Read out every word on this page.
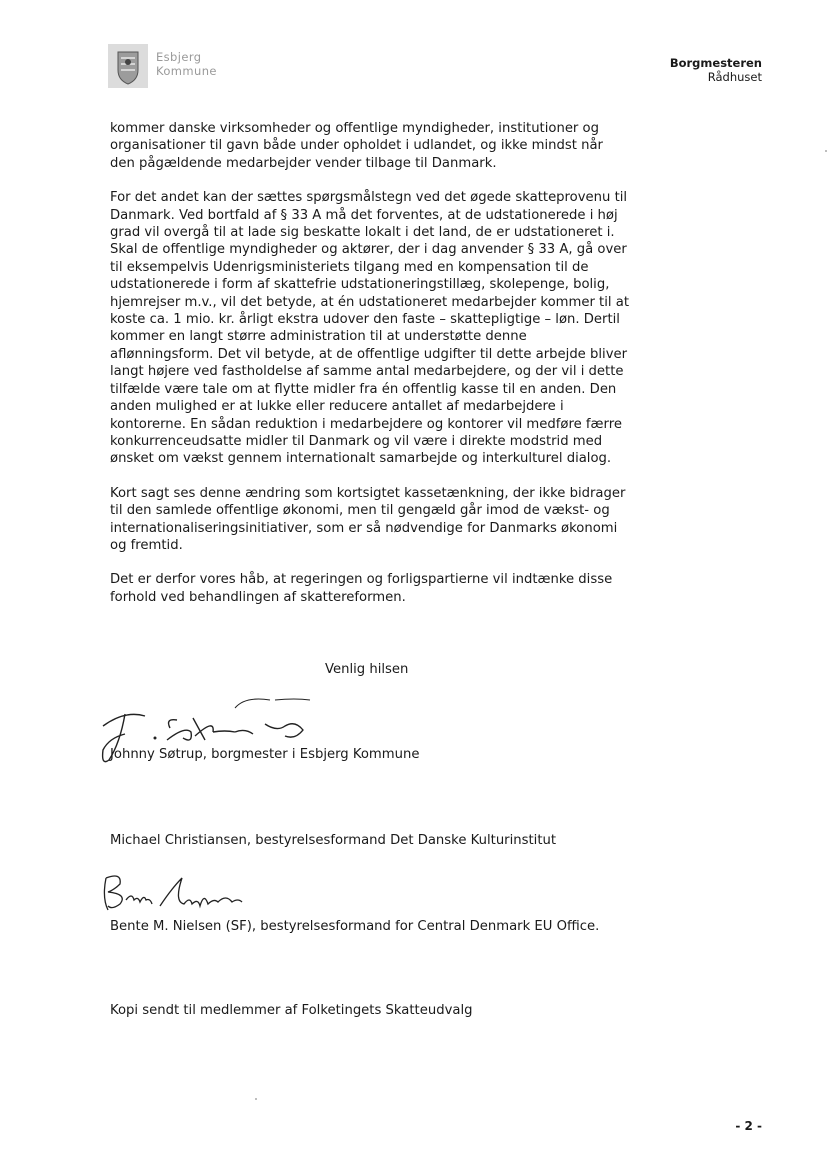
Esbjerg
Kommune
Borgmesteren
Rådhuset

kommer danske virksomheder og offentlige myndigheder, institutioner og organisationer til gavn både under opholdet i udlandet, og ikke mindst når den pågældende medarbejder vender tilbage til Danmark.

For det andet kan der sættes spørgsmålstegn ved det øgede skatteprovenu til Danmark. Ved bortfald af § 33 A må det forventes, at de udstationerede i høj grad vil overgå til at lade sig beskatte lokalt i det land, de er udstationeret i. Skal de offentlige myndigheder og aktører, der i dag anvender § 33 A, gå over til eksempelvis Udenrigsministeriets tilgang med en kompensation til de udstationerede i form af skattefrie udstationeringstillæg, skolepenge, bolig, hjemrejser m.v., vil det betyde, at én udstationeret medarbejder kommer til at koste ca. 1 mio. kr. årligt ekstra udover den faste – skattepligtige – løn. Dertil kommer en langt større administration til at understøtte denne aflønningsform. Det vil betyde, at de offentlige udgifter til dette arbejde bliver langt højere ved fastholdelse af samme antal medarbejdere, og der vil i dette tilfælde være tale om at flytte midler fra én offentlig kasse til en anden. Den anden mulighed er at lukke eller reducere antallet af medarbejdere i kontorerne. En sådan reduktion i medarbejdere og kontorer vil medføre færre konkurrenceudsatte midler til Danmark og vil være i direkte modstrid med ønsket om vækst gennem internationalt samarbejde og interkulturel dialog.

Kort sagt ses denne ændring som kortsigtet kassetænkning, der ikke bidrager til den samlede offentlige økonomi, men til gengæld går imod de vækst- og internationaliseringsinitiativer, som er så nødvendige for Danmarks økonomi og fremtid.

Det er derfor vores håb, at regeringen og forligspartierne vil indtænke disse forhold ved behandlingen af skattereformen.

Venlig hilsen
Johnny Søtrup, borgmester i Esbjerg Kommune
Michael Christiansen, bestyrelsesformand Det Danske Kulturinstitut
Bente M. Nielsen (SF), bestyrelsesformand for Central Denmark EU Office.
Kopi sendt til medlemmer af Folketingets Skatteudvalg
- 2 -
